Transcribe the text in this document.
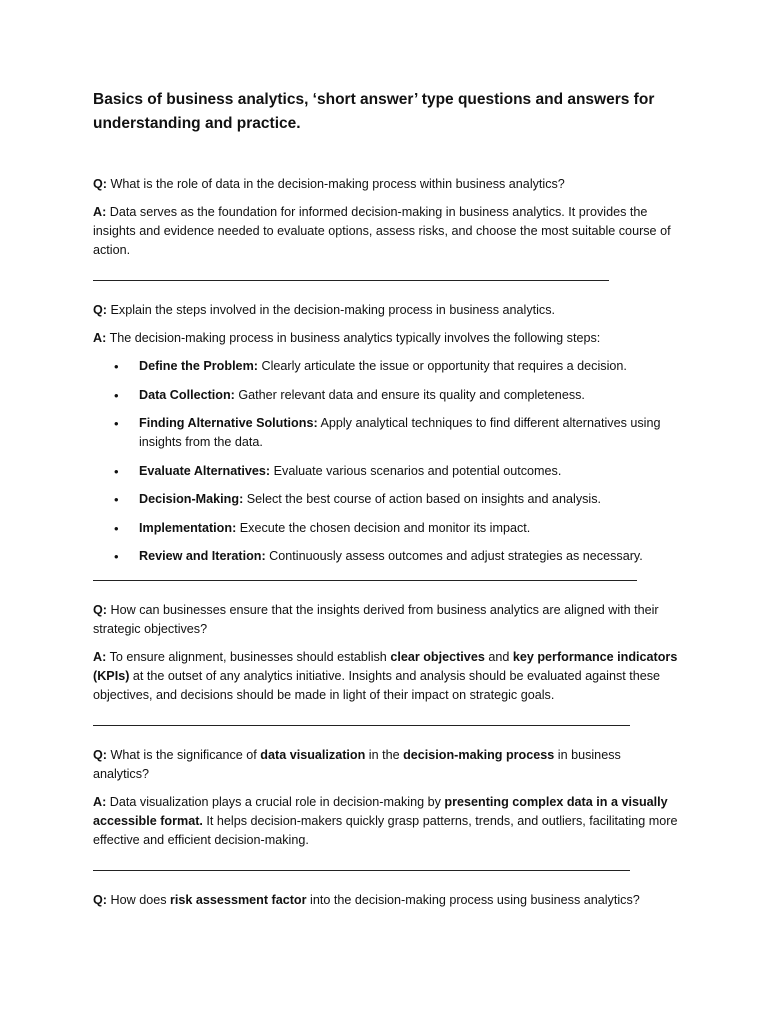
Basics of business analytics, ‘short answer’ type questions and answers for understanding and practice.

Q: What is the role of data in the decision-making process within business analytics?

A: Data serves as the foundation for informed decision-making in business analytics. It provides the insights and evidence needed to evaluate options, assess risks, and choose the most suitable course of action.

Q: Explain the steps involved in the decision-making process in business analytics.

A: The decision-making process in business analytics typically involves the following steps:

• Define the Problem: Clearly articulate the issue or opportunity that requires a decision.
• Data Collection: Gather relevant data and ensure its quality and completeness.
• Finding Alternative Solutions: Apply analytical techniques to find different alternatives using insights from the data.
• Evaluate Alternatives: Evaluate various scenarios and potential outcomes.
• Decision-Making: Select the best course of action based on insights and analysis.
• Implementation: Execute the chosen decision and monitor its impact.
• Review and Iteration: Continuously assess outcomes and adjust strategies as necessary.

Q: How can businesses ensure that the insights derived from business analytics are aligned with their strategic objectives?

A: To ensure alignment, businesses should establish clear objectives and key performance indicators (KPIs) at the outset of any analytics initiative. Insights and analysis should be evaluated against these objectives, and decisions should be made in light of their impact on strategic goals.

Q: What is the significance of data visualization in the decision-making process in business analytics?

A: Data visualization plays a crucial role in decision-making by presenting complex data in a visually accessible format. It helps decision-makers quickly grasp patterns, trends, and outliers, facilitating more effective and efficient decision-making.

Q: How does risk assessment factor into the decision-making process using business analytics?
